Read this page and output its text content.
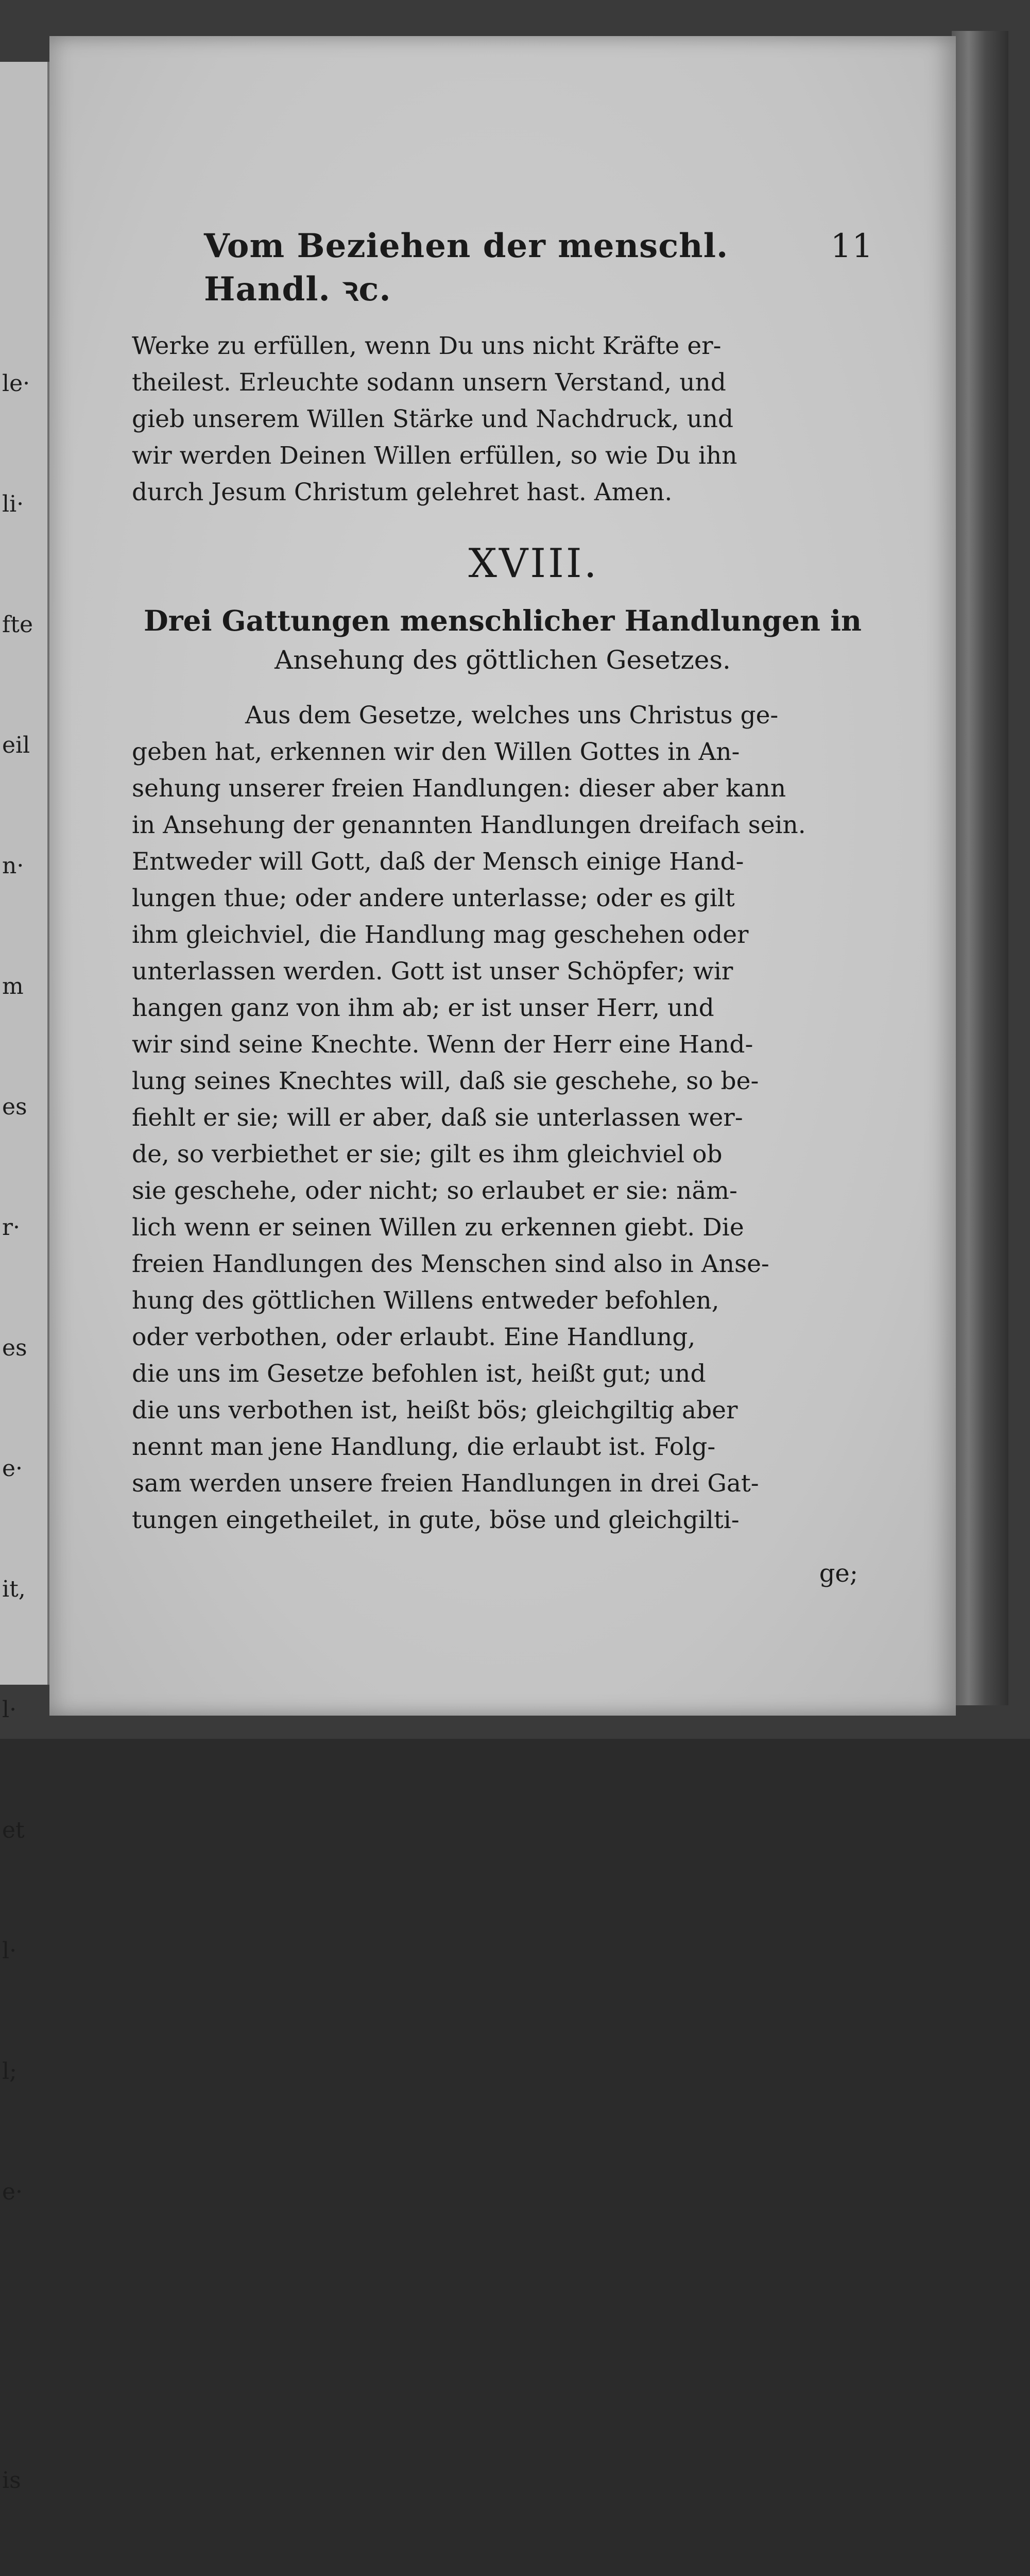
le·

li·

fte

eil

n·

m

es

r·

es

e·

it,

l·

et

l·

l;

e·

is

Vom Beziehen der menschl. Handl. ꝛc.
11

Werke zu erfüllen, wenn Du uns nicht Kräfte er-
theilest. Erleuchte sodann unsern Verstand, und
gieb unserem Willen Stärke und Nachdruck, und
wir werden Deinen Willen erfüllen, so wie Du ihn
durch Jesum Christum gelehret hast. Amen.

XVIII.
Drei Gattungen menschlicher Handlungen in
Ansehung des göttlichen Gesetzes.

Aus dem Gesetze, welches uns Christus ge-
geben hat, erkennen wir den Willen Gottes in An-
sehung unserer freien Handlungen: dieser aber kann
in Ansehung der genannten Handlungen dreifach sein.
Entweder will Gott, daß der Mensch einige Hand-
lungen thue; oder andere unterlasse; oder es gilt
ihm gleichviel, die Handlung mag geschehen oder
unterlassen werden. Gott ist unser Schöpfer; wir
hangen ganz von ihm ab; er ist unser Herr, und
wir sind seine Knechte. Wenn der Herr eine Hand-
lung seines Knechtes will, daß sie geschehe, so be-
fiehlt er sie; will er aber, daß sie unterlassen wer-
de, so verbiethet er sie; gilt es ihm gleichviel ob
sie geschehe, oder nicht; so erlaubet er sie: näm-
lich wenn er seinen Willen zu erkennen giebt. Die
freien Handlungen des Menschen sind also in Anse-
hung des göttlichen Willens entweder befohlen,
oder verbothen, oder erlaubt. Eine Handlung,
die uns im Gesetze befohlen ist, heißt gut; und
die uns verbothen ist, heißt bös; gleichgiltig aber
nennt man jene Handlung, die erlaubt ist. Folg-
sam werden unsere freien Handlungen in drei Gat-
tungen eingetheilet, in gute, böse und gleichgilti-

ge;
